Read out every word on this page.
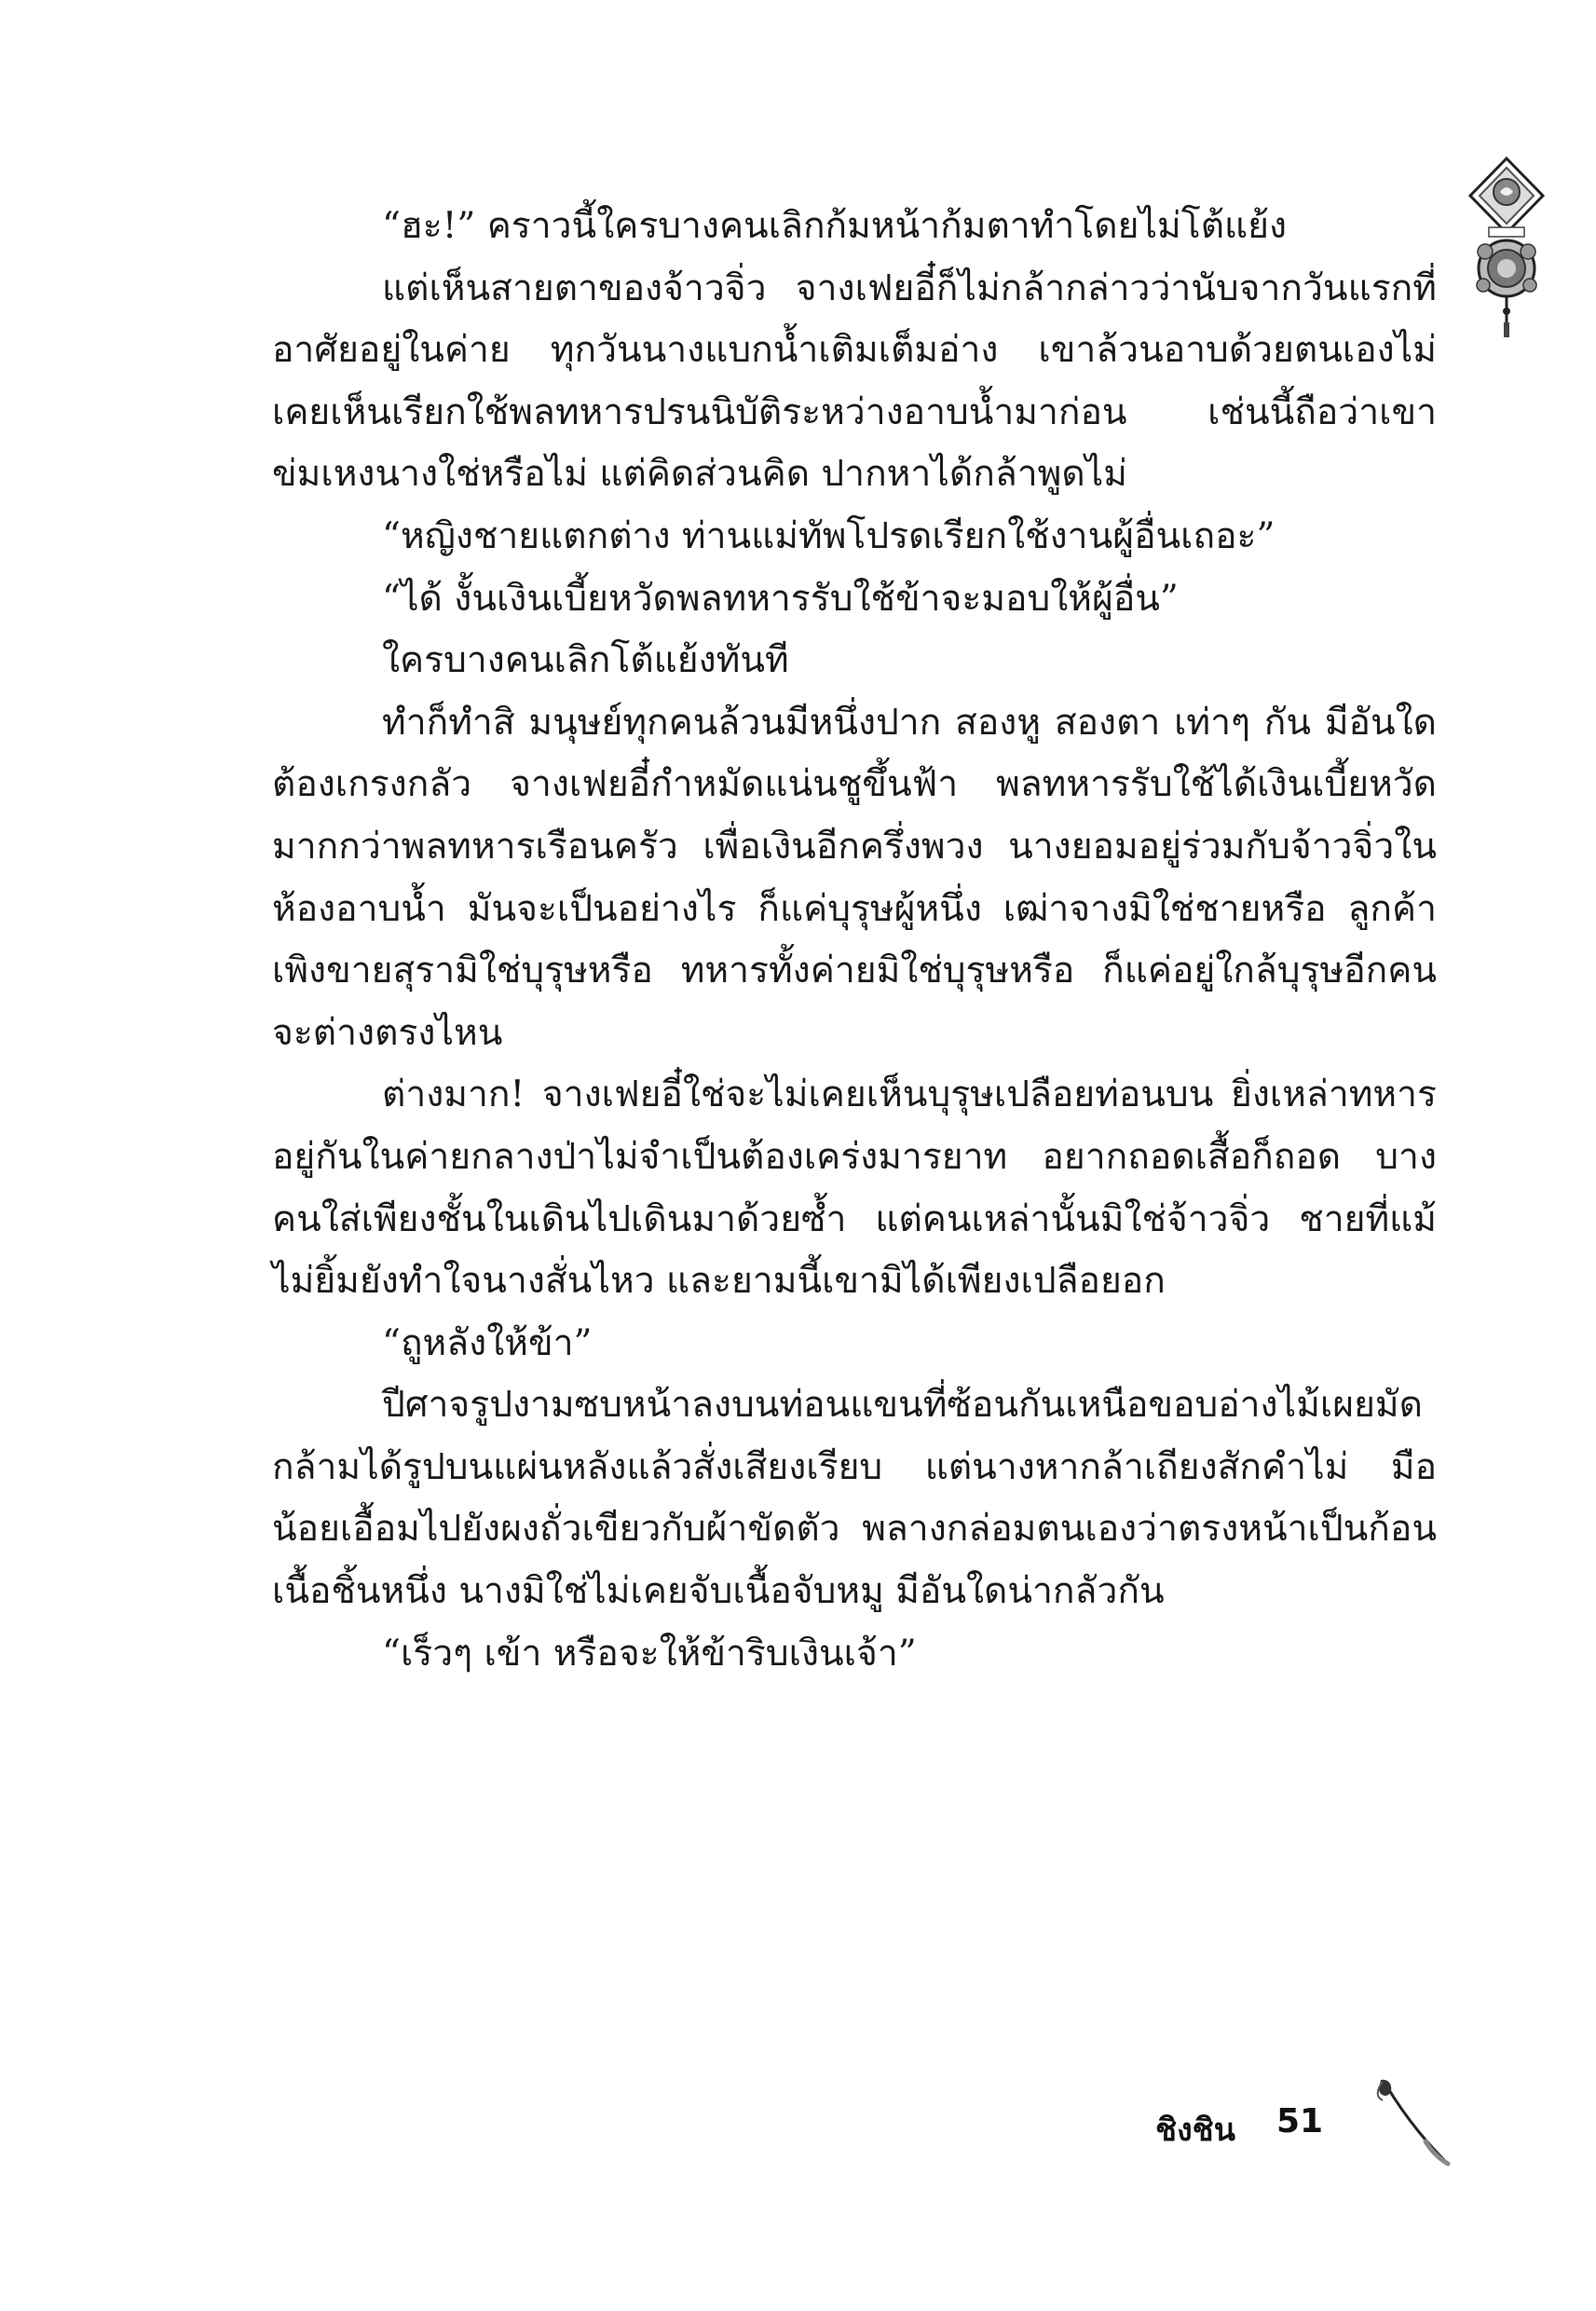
“ฮะ!” คราวนี้ใครบางคนเลิกก้มหน้าก้มตาทำโดยไม่โต้แย้ง

แต่เห็นสายตาของจ้าวจิ่ว จางเฟยอี๋ก็ไม่กล้ากล่าวว่านับจากวันแรกที่อาศัยอยู่ในค่าย ทุกวันนางแบกน้ำเติมเต็มอ่าง เขาล้วนอาบด้วยตนเองไม่เคยเห็นเรียกใช้พลทหารปรนนิบัติระหว่างอาบน้ำมาก่อน เช่นนี้ถือว่าเขาข่มเหงนางใช่หรือไม่ แต่คิดส่วนคิด ปากหาได้กล้าพูดไม่

“หญิงชายแตกต่าง ท่านแม่ทัพโปรดเรียกใช้งานผู้อื่นเถอะ”

“ได้ งั้นเงินเบี้ยหวัดพลทหารรับใช้ข้าจะมอบให้ผู้อื่น”

ใครบางคนเลิกโต้แย้งทันที

ทำก็ทำสิ มนุษย์ทุกคนล้วนมีหนึ่งปาก สองหู สองตา เท่าๆ กัน มีอันใดต้องเกรงกลัว จางเฟยอี๋กำหมัดแน่นชูขึ้นฟ้า พลทหารรับใช้ได้เงินเบี้ยหวัดมากกว่าพลทหารเรือนครัว เพื่อเงินอีกครึ่งพวง นางยอมอยู่ร่วมกับจ้าวจิ่วในห้องอาบน้ำ มันจะเป็นอย่างไร ก็แค่บุรุษผู้หนึ่ง เฒ่าจางมิใช่ชายหรือ ลูกค้าเพิงขายสุรามิใช่บุรุษหรือ ทหารทั้งค่ายมิใช่บุรุษหรือ ก็แค่อยู่ใกล้บุรุษอีกคน จะต่างตรงไหน

ต่างมาก! จางเฟยอี๋ใช่จะไม่เคยเห็นบุรุษเปลือยท่อนบน ยิ่งเหล่าทหารอยู่กันในค่ายกลางป่าไม่จำเป็นต้องเคร่งมารยาท อยากถอดเสื้อก็ถอด บางคนใส่เพียงชั้นในเดินไปเดินมาด้วยซ้ำ แต่คนเหล่านั้นมิใช่จ้าวจิ่ว ชายที่แม้ไม่ยิ้มยังทำใจนางสั่นไหว และยามนี้เขามิได้เพียงเปลือยอก

“ถูหลังให้ข้า”

ปีศาจรูปงามซบหน้าลงบนท่อนแขนที่ซ้อนกันเหนือขอบอ่างไม้เผยมัดกล้ามได้รูปบนแผ่นหลังแล้วสั่งเสียงเรียบ แต่นางหากล้าเถียงสักคำไม่ มือน้อยเอื้อมไปยังผงถั่วเขียวกับผ้าขัดตัว พลางกล่อมตนเองว่าตรงหน้าเป็นก้อนเนื้อชิ้นหนึ่ง นางมิใช่ไม่เคยจับเนื้อจับหมู มีอันใดน่ากลัวกัน

“เร็วๆ เข้า หรือจะให้ข้าริบเงินเจ้า”

ชิงชิน 51
